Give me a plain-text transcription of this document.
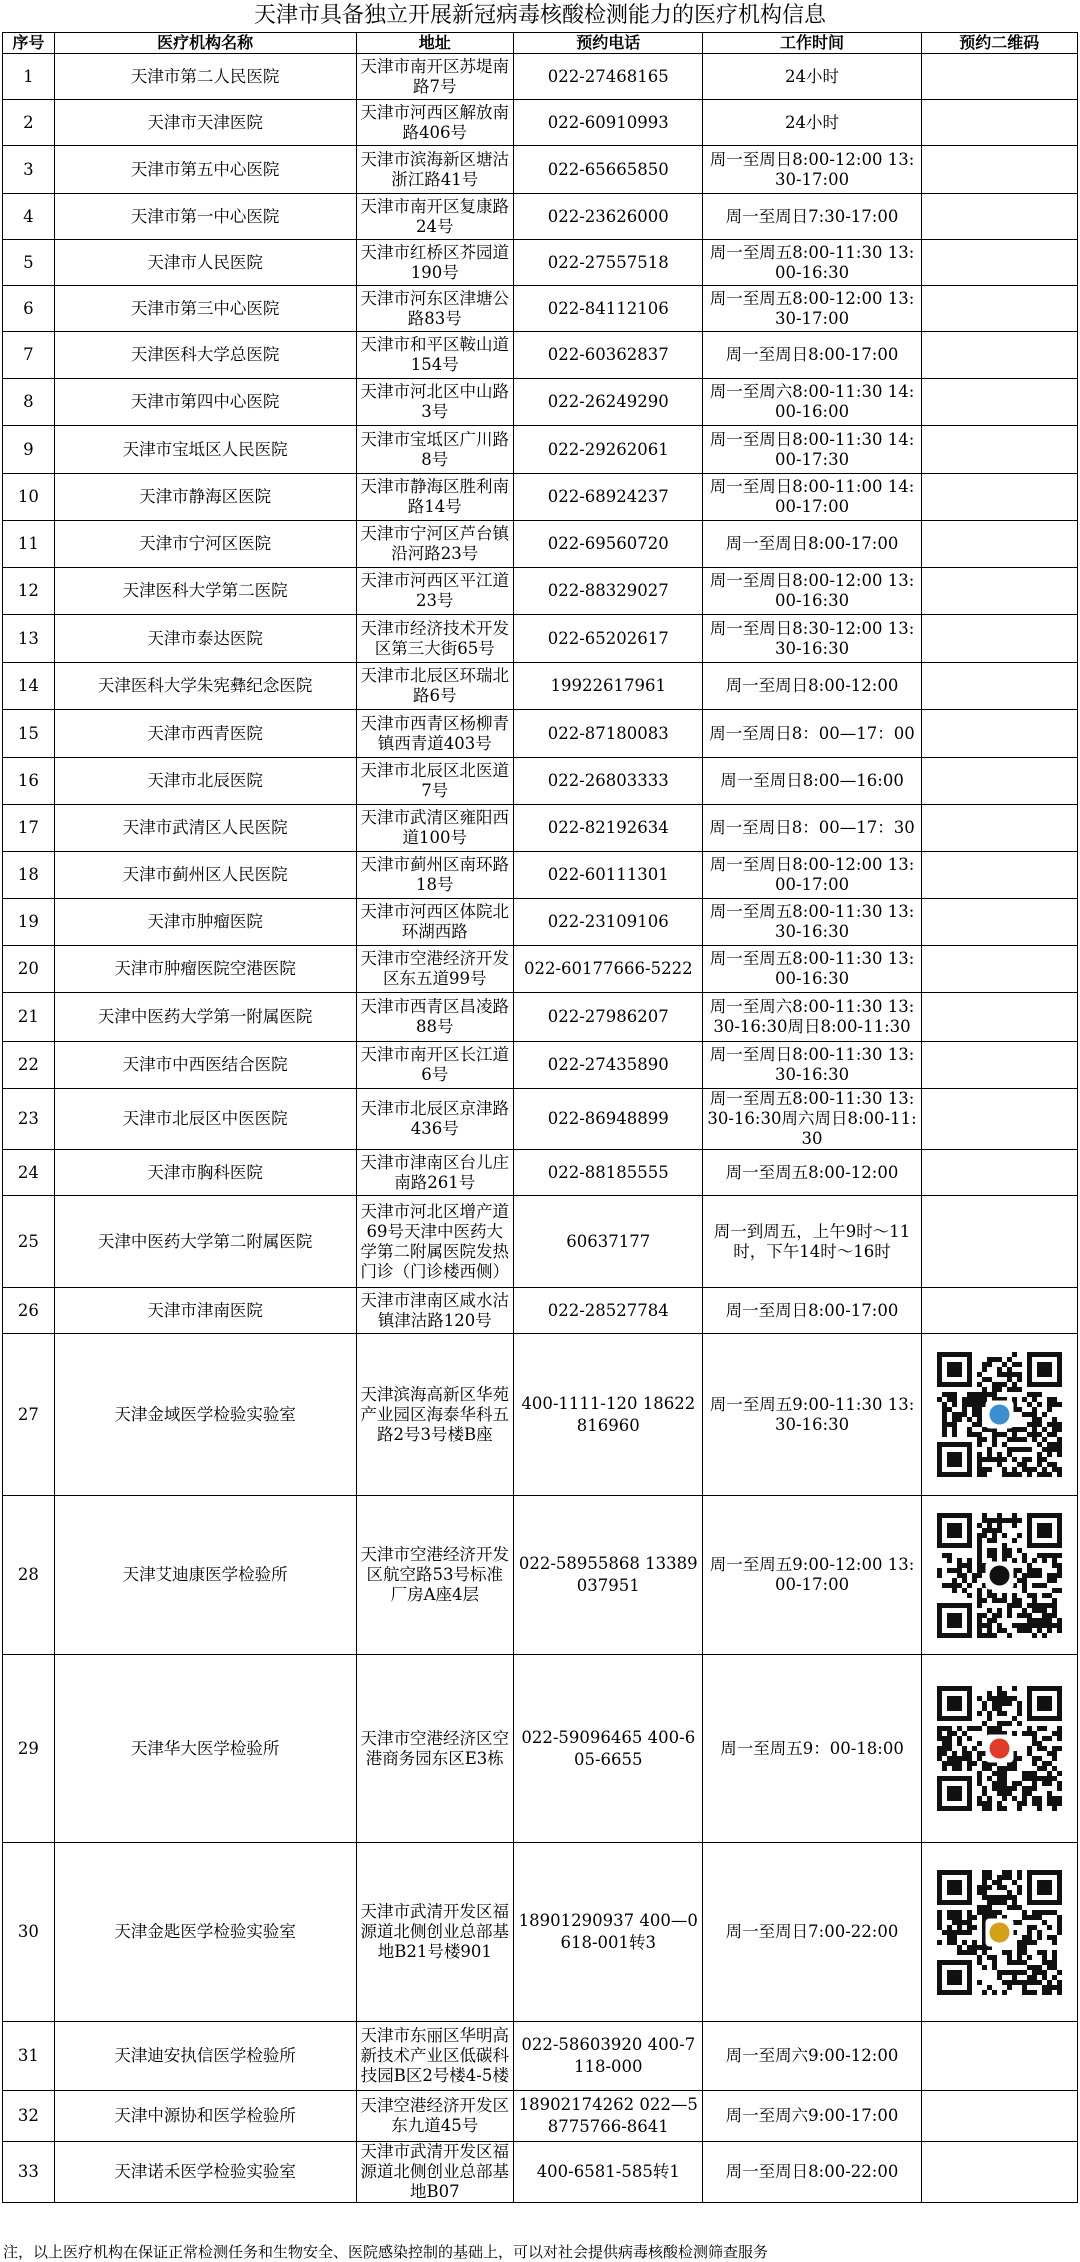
天津市具备独立开展新冠病毒核酸检测能力的医疗机构信息
序号	医疗机构名称	地址	预约电话	工作时间	预约二维码
1	天津市第二人民医院	天津市南开区苏堤南路7号	022-27468165	24小时	
2	天津市天津医院	天津市河西区解放南路406号	022-60910993	24小时	
3	天津市第五中心医院	天津市滨海新区塘沽浙江路41号	022-65665850	周一至周日8:00-12:00 13:30-17:00	
4	天津市第一中心医院	天津市南开区复康路24号	022-23626000	周一至周日7:30-17:00	
5	天津市人民医院	天津市红桥区芥园道190号	022-27557518	周一至周五8:00-11:30 13:00-16:30	
6	天津市第三中心医院	天津市河东区津塘公路83号	022-84112106	周一至周五8:00-12:00 13:30-17:00	
7	天津医科大学总医院	天津市和平区鞍山道154号	022-60362837	周一至周日8:00-17:00	
8	天津市第四中心医院	天津市河北区中山路3号	022-26249290	周一至周六8:00-11:30 14:00-16:00	
9	天津市宝坻区人民医院	天津市宝坻区广川路8号	022-29262061	周一至周日8:00-11:30 14:00-17:30	
10	天津市静海区医院	天津市静海区胜利南路14号	022-68924237	周一至周日8:00-11:00 14:00-17:00	
11	天津市宁河区医院	天津市宁河区芦台镇沿河路23号	022-69560720	周一至周日8:00-17:00	
12	天津医科大学第二医院	天津市河西区平江道23号	022-88329027	周一至周日8:00-12:00 13:00-16:30	
13	天津市泰达医院	天津市经济技术开发区第三大街65号	022-65202617	周一至周日8:30-12:00 13:30-16:30	
14	天津医科大学朱宪彝纪念医院	天津市北辰区环瑞北路6号	19922617961	周一至周日8:00-12:00	
15	天津市西青医院	天津市西青区杨柳青镇西青道403号	022-87180083	周一至周日8：00—17：00	
16	天津市北辰医院	天津市北辰区北医道7号	022-26803333	周一至周日8:00—16:00	
17	天津市武清区人民医院	天津市武清区雍阳西道100号	022-82192634	周一至周日8：00—17：30	
18	天津市蓟州区人民医院	天津市蓟州区南环路18号	022-60111301	周一至周日8:00-12:00 13:00-17:00	
19	天津市肿瘤医院	天津市河西区体院北环湖西路	022-23109106	周一至周五8:00-11:30 13:30-16:30	
20	天津市肿瘤医院空港医院	天津市空港经济开发区东五道99号	022-60177666-5222	周一至周五8:00-11:30 13:00-16:30	
21	天津中医药大学第一附属医院	天津市西青区昌凌路88号	022-27986207	周一至周六8:00-11:30 13:30-16:30周日8:00-11:30	
22	天津市中西医结合医院	天津市南开区长江道6号	022-27435890	周一至周日8:00-11:30 13:30-16:30	
23	天津市北辰区中医医院	天津市北辰区京津路436号	022-86948899	周一至周五8:00-11:30 13:30-16:30周六周日8:00-11:30	
24	天津市胸科医院	天津市津南区台儿庄南路261号	022-88185555	周一至周五8:00-12:00	
25	天津中医药大学第二附属医院	天津市河北区增产道69号天津中医药大学第二附属医院发热门诊（门诊楼西侧）	60637177	周一到周五，上午9时～11时，下午14时～16时	
26	天津市津南医院	天津市津南区咸水沽镇津沽路120号	022-28527784	周一至周日8:00-17:00	
27	天津金域医学检验实验室	天津滨海高新区华苑产业园区海泰华科五路2号3号楼B座	400-1111-120 18622816960	周一至周五9:00-11:30 13:30-16:30	

28	天津艾迪康医学检验所	天津市空港经济开发区航空路53号标准厂房A座4层	022-58955868 13389037951	周一至周五9:00-12:00 13:00-17:00	

29	天津华大医学检验所	天津市空港经济区空港商务园东区E3栋	022-59096465 400-605-6655	周一至周五9：00-18:00	

30	天津金匙医学检验实验室	天津市武清开发区福源道北侧创业总部基地B21号楼901	18901290937 400—0618-001转3	周一至周日7:00-22:00	

31	天津迪安执信医学检验所	天津市东丽区华明高新技术产业区低碳科技园B区2号楼4-5楼	022-58603920 400-7118-000	周一至周六9:00-12:00	
32	天津中源协和医学检验所	天津空港经济开发区东九道45号	18902174262 022—58775766-8641	周一至周六9:00-17:00	
33	天津诺禾医学检验实验室	天津市武清开发区福源道北侧创业总部基地B07	400-6581-585转1	周一至周日8:00-22:00	
注，以上医疗机构在保证正常检测任务和生物安全、医院感染控制的基础上，可以对社会提供病毒核酸检测筛查服务
